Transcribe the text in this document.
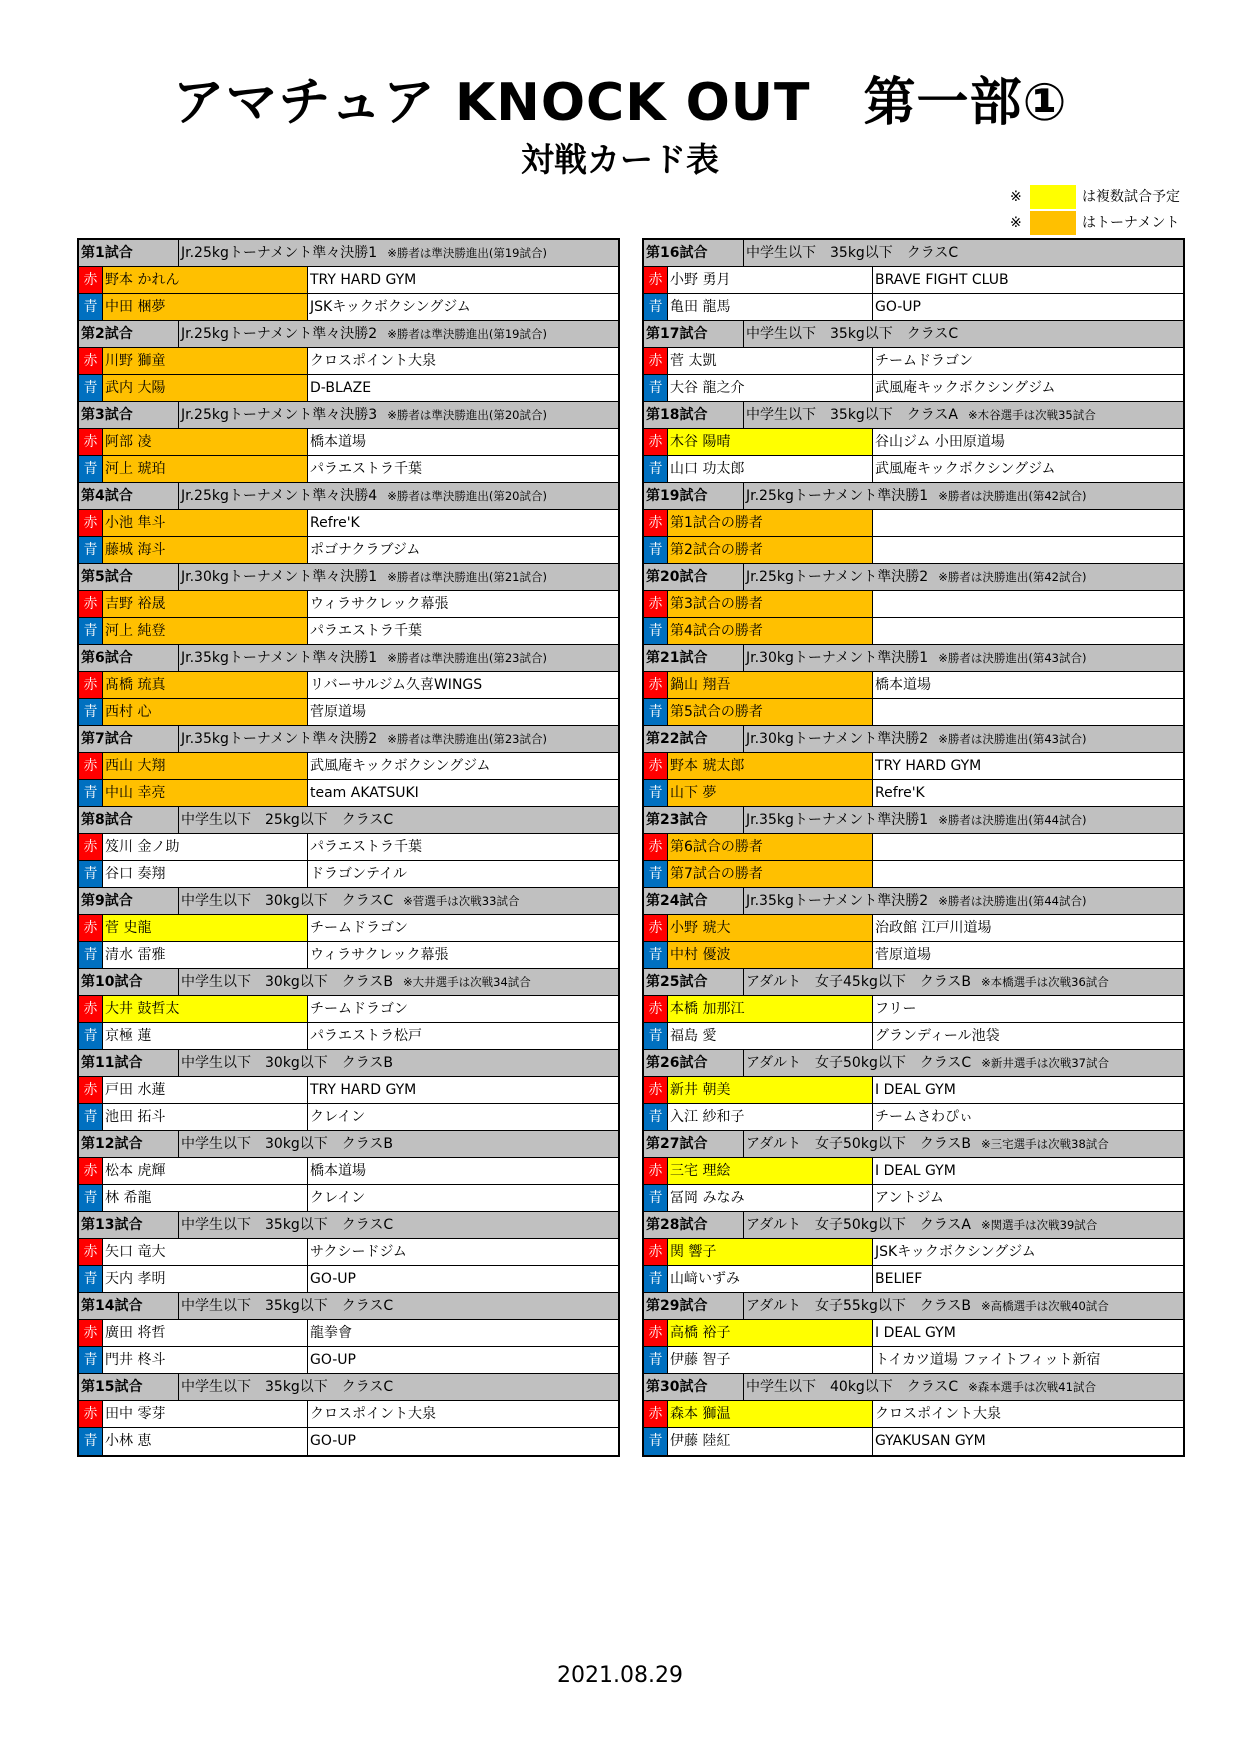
アマチュア KNOCK OUT　第一部①
対戦カード表
※	は複数試合予定
※	はトーナメント
第1試合	Jr.25kgトーナメント準々決勝1 ※勝者は準決勝進出(第19試合)
赤 野本 かれん	TRY HARD GYM
青 中田 梱夢	JSKキックボクシングジム
第2試合	Jr.25kgトーナメント準々決勝2 ※勝者は準決勝進出(第19試合)
赤 川野 獅童	クロスポイント大泉
青 武内 大陽	D-BLAZE
第3試合	Jr.25kgトーナメント準々決勝3 ※勝者は準決勝進出(第20試合)
赤 阿部 凌	橋本道場
青 河上 琥珀	パラエストラ千葉
第4試合	Jr.25kgトーナメント準々決勝4 ※勝者は準決勝進出(第20試合)
赤 小池 隼斗	Refre'K
青 藤城 海斗	ポゴナクラブジム
第5試合	Jr.30kgトーナメント準々決勝1 ※勝者は準決勝進出(第21試合)
赤 吉野 裕晟	ウィラサクレック幕張
青 河上 純登	パラエストラ千葉
第6試合	Jr.35kgトーナメント準々決勝1 ※勝者は準決勝進出(第23試合)
赤 髙橋 琉真	リバーサルジム久喜WINGS
青 西村 心	菅原道場
第7試合	Jr.35kgトーナメント準々決勝2 ※勝者は準決勝進出(第23試合)
赤 西山 大翔	武風庵キックボクシングジム
青 中山 幸亮	team AKATSUKI
第8試合	中学生以下　25kg以下　クラスC
赤 笈川 金ノ助	パラエストラ千葉
青 谷口 奏翔	ドラゴンテイル
第9試合	中学生以下　30kg以下　クラスC ※菅選手は次戦33試合
赤 菅 史龍	チームドラゴン
青 清水 雷雅	ウィラサクレック幕張
第10試合	中学生以下　30kg以下　クラスB ※大井選手は次戦34試合
赤 大井 鼓哲太	チームドラゴン
青 京極 蓮	パラエストラ松戸
第11試合	中学生以下　30kg以下　クラスB
赤 戸田 水蓮	TRY HARD GYM
青 池田 拓斗	クレイン
第12試合	中学生以下　30kg以下　クラスB
赤 松本 虎輝	橋本道場
青 林 希龍	クレイン
第13試合	中学生以下　35kg以下　クラスC
赤 矢口 竜大	サクシードジム
青 天内 孝明	GO-UP
第14試合	中学生以下　35kg以下　クラスC
赤 廣田 将哲	龍拳會
青 門井 柊斗	GO-UP
第15試合	中学生以下　35kg以下　クラスC
赤 田中 零芽	クロスポイント大泉
青 小林 恵	GO-UP
第16試合	中学生以下　35kg以下　クラスC
赤 小野 勇月	BRAVE FIGHT CLUB
青 亀田 龍馬	GO-UP
第17試合	中学生以下　35kg以下　クラスC
赤 菅 太凱	チームドラゴン
青 大谷 龍之介	武風庵キックボクシングジム
第18試合	中学生以下　35kg以下　クラスA ※木谷選手は次戦35試合
赤 木谷 陽晴	谷山ジム 小田原道場
青 山口 功太郎	武風庵キックボクシングジム
第19試合	Jr.25kgトーナメント準決勝1 ※勝者は決勝進出(第42試合)
赤 第1試合の勝者
青 第2試合の勝者
第20試合	Jr.25kgトーナメント準決勝2 ※勝者は決勝進出(第42試合)
赤 第3試合の勝者
青 第4試合の勝者
第21試合	Jr.30kgトーナメント準決勝1 ※勝者は決勝進出(第43試合)
赤 鍋山 翔吾	橋本道場
青 第5試合の勝者
第22試合	Jr.30kgトーナメント準決勝2 ※勝者は決勝進出(第43試合)
赤 野本 琥太郎	TRY HARD GYM
青 山下 夢	Refre'K
第23試合	Jr.35kgトーナメント準決勝1 ※勝者は決勝進出(第44試合)
赤 第6試合の勝者
青 第7試合の勝者
第24試合	Jr.35kgトーナメント準決勝2 ※勝者は決勝進出(第44試合)
赤 小野 琥大	治政館 江戸川道場
青 中村 優波	菅原道場
第25試合	アダルト　女子45kg以下　クラスB ※本橋選手は次戦36試合
赤 本橋 加那江	フリー
青 福島 愛	グランディール池袋
第26試合	アダルト　女子50kg以下　クラスC ※新井選手は次戦37試合
赤 新井 朝美	I DEAL GYM
青 入江 紗和子	チームさわぴぃ
第27試合	アダルト　女子50kg以下　クラスB ※三宅選手は次戦38試合
赤 三宅 理絵	I DEAL GYM
青 冨岡 みなみ	アントジム
第28試合	アダルト　女子50kg以下　クラスA ※関選手は次戦39試合
赤 関 響子	JSKキックボクシングジム
青 山﨑いずみ	BELIEF
第29試合	アダルト　女子55kg以下　クラスB ※高橋選手は次戦40試合
赤 高橋 裕子	I DEAL GYM
青 伊藤 智子	トイカツ道場 ファイトフィット新宿
第30試合	中学生以下　40kg以下　クラスC ※森本選手は次戦41試合
赤 森本 獅温	クロスポイント大泉
青 伊藤 陸紅	GYAKUSAN GYM
2021.08.29
